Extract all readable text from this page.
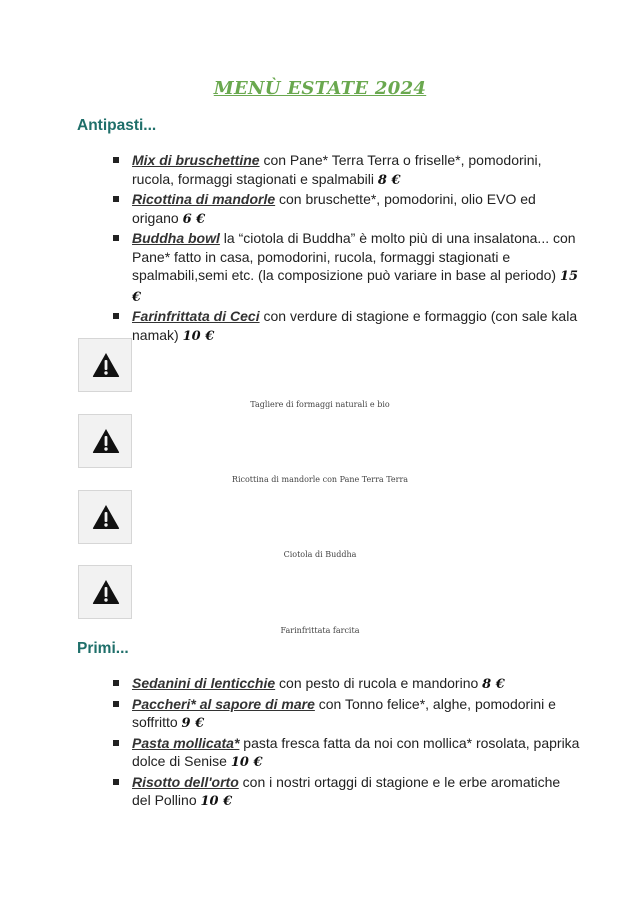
MENÙ ESTATE 2024
Antipasti...
Mix di bruschettine con Pane* Terra Terra o friselle*, pomodorini, rucola, formaggi stagionati e spalmabili 8 €
Ricottina di mandorle con bruschette*, pomodorini, olio EVO ed origano 6 €
Buddha bowl la “ciotola di Buddha” è molto più di una insalatona... con Pane* fatto in casa, pomodorini, rucola, formaggi stagionati e spalmabili,semi etc. (la composizione può variare in base al periodo) 15 €
Farinfrittata di Ceci con verdure di stagione e formaggio (con sale kala namak) 10 €
Tagliere di formaggi naturali e bio
Ricottina di mandorle con Pane Terra Terra
Ciotola di Buddha
Farinfrittata farcita
Primi...
Sedanini di lenticchie con pesto di rucola e mandorino 8 €
Paccheri* al sapore di mare con Tonno felice*, alghe, pomodorini e soffritto 9 €
Pasta mollicata* pasta fresca fatta da noi con mollica* rosolata, paprika dolce di Senise 10 €
Risotto dell'orto con i nostri ortaggi di stagione e le erbe aromatiche del Pollino 10 €
